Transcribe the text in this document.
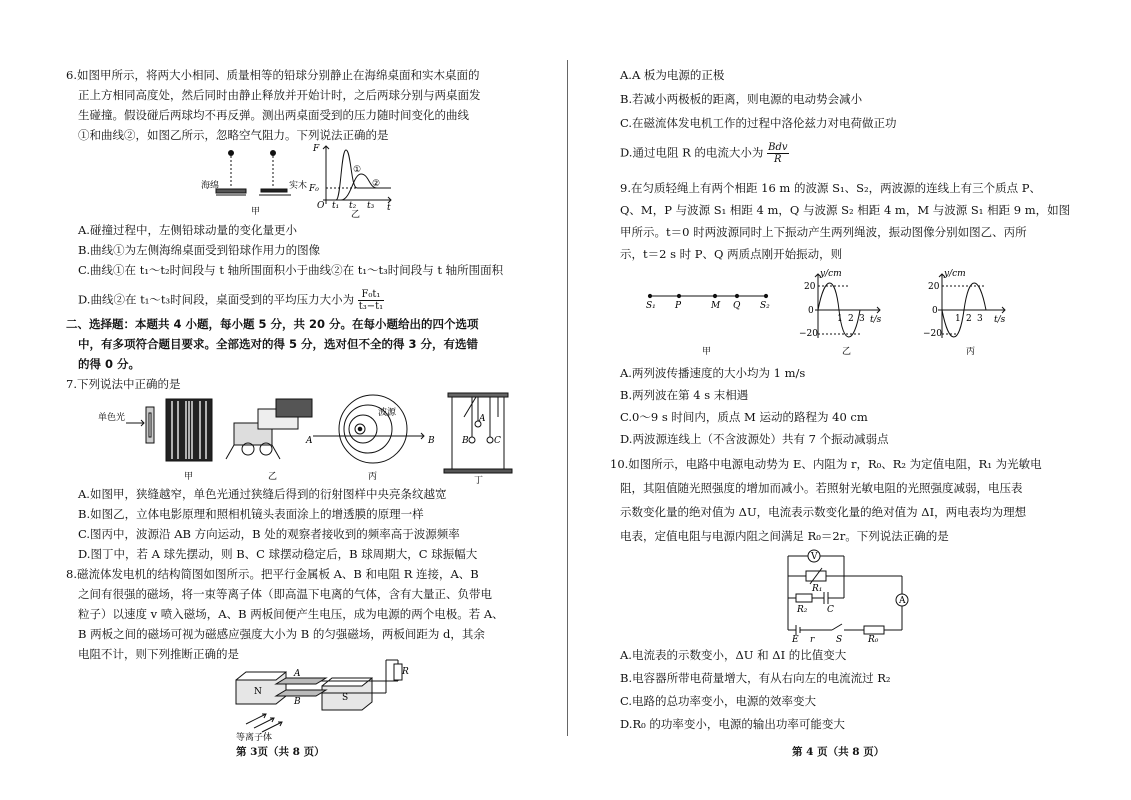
6.如图甲所示，将两大小相同、质量相等的铅球分别静止在海绵桌面和实木桌面的
正上方相同高度处，然后同时由静止释放并开始计时，之后两球分别与两桌面发
生碰撞。假设碰后两球均不再反弹。测出两桌面受到的压力随时间变化的曲线
①和曲线②，如图乙所示，忽略空气阻力。下列说法正确的是
海绵	实木
甲	乙
F
F₀
O t₁ t₂ t₃ t
①
②
A.碰撞过程中，左侧铅球动量的变化量更小
B.曲线①为左侧海绵桌面受到铅球作用力的图像
C.曲线①在 t₁～t₂时间段与 t 轴所围面积小于曲线②在 t₁～t₃时间段与 t 轴所围面积
D.曲线②在 t₁～t₃时间段，桌面受到的平均压力大小为 $\frac{\text{F₀t₁}}{\text{t₃−t₁}}$
二、选择题：本题共 4 小题，每小题 5 分，共 20 分。在每小题给出的四个选项
中，有多项符合题目要求。全部选对的得 5 分，选对但不全的得 3 分，有选错
的得 0 分。
7.下列说法中正确的是
单色光
甲	乙	丙	丁
波源
A	B
A
B	C
A.如图甲，狭缝越窄，单色光通过狭缝后得到的衍射图样中央亮条纹越宽
B.如图乙，立体电影原理和照相机镜头表面涂上的增透膜的原理一样
C.图丙中，波源沿 AB 方向运动，B 处的观察者接收到的频率高于波源频率
D.图丁中，若 A 球先摆动，则 B、C 球摆动稳定后，B 球周期大，C 球振幅大
8.磁流体发电机的结构简图如图所示。把平行金属板 A、B 和电阻 R 连接，A、B
之间有很强的磁场，将一束等离子体（即高温下电离的气体，含有大量正、负带电
粒子）以速度 v 喷入磁场，A、B 两板间便产生电压，成为电源的两个电极。若 A、
B 两板之间的磁场可视为磁感应强度大小为 B 的匀强磁场，两板间距为 d，其余
电阻不计，则下列推断正确的是
N
S
A
B
R
等离子体
第 3页（共 8 页）
A.A 板为电源的正极
B.若减小两极板的距离，则电源的电动势会减小
C.在磁流体发电机工作的过程中洛伦兹力对电荷做正功
D.通过电阻 R 的电流大小为 $\frac{\text{Bdv}}{R}$
9.在匀质轻绳上有两个相距 16 m 的波源 S₁、S₂，两波源的连线上有三个质点 P、
Q、M，P 与波源 S₁ 相距 4 m，Q 与波源 S₂ 相距 4 m，M 与波源 S₁ 相距 9 m，如图
甲所示。t＝0 时两波源同时上下振动产生两列绳波，振动图像分别如图乙、丙所
示，t＝2 s 时 P、Q 两质点刚开始振动，则
S₁ P	M Q S₂
甲	乙	丙
y/cm	y/cm
t/s	t/s
20
−20
0
1 2 3
20
−20
0
1 2 3
A.两列波传播速度的大小均为 1 m/s
B.两列波在第 4 s 末相遇
C.0～9 s 时间内，质点 M 运动的路程为 40 cm
D.两波源连线上（不含波源处）共有 7 个振动减弱点
10.如图所示，电路中电源电动势为 E、内阻为 r，R₀、R₂ 为定值电阻，R₁ 为光敏电
阻，其阻值随光照强度的增加而减小。若照射光敏电阻的光照强度减弱，电压表
示数变化量的绝对值为 ΔU，电流表示数变化量的绝对值为 ΔI，两电表均为理想
电表，定值电阻与电源内阻之间满足 R₀＝2r。下列说法正确的是
V
A
R₁
R₂ C
E r S	R₀
A.电流表的示数变小，ΔU 和 ΔI 的比值变大
B.电容器所带电荷量增大，有从右向左的电流流过 R₂
C.电路的总功率变小，电源的效率变大
D.R₀ 的功率变小，电源的输出功率可能变大
第 4 页（共 8 页）
